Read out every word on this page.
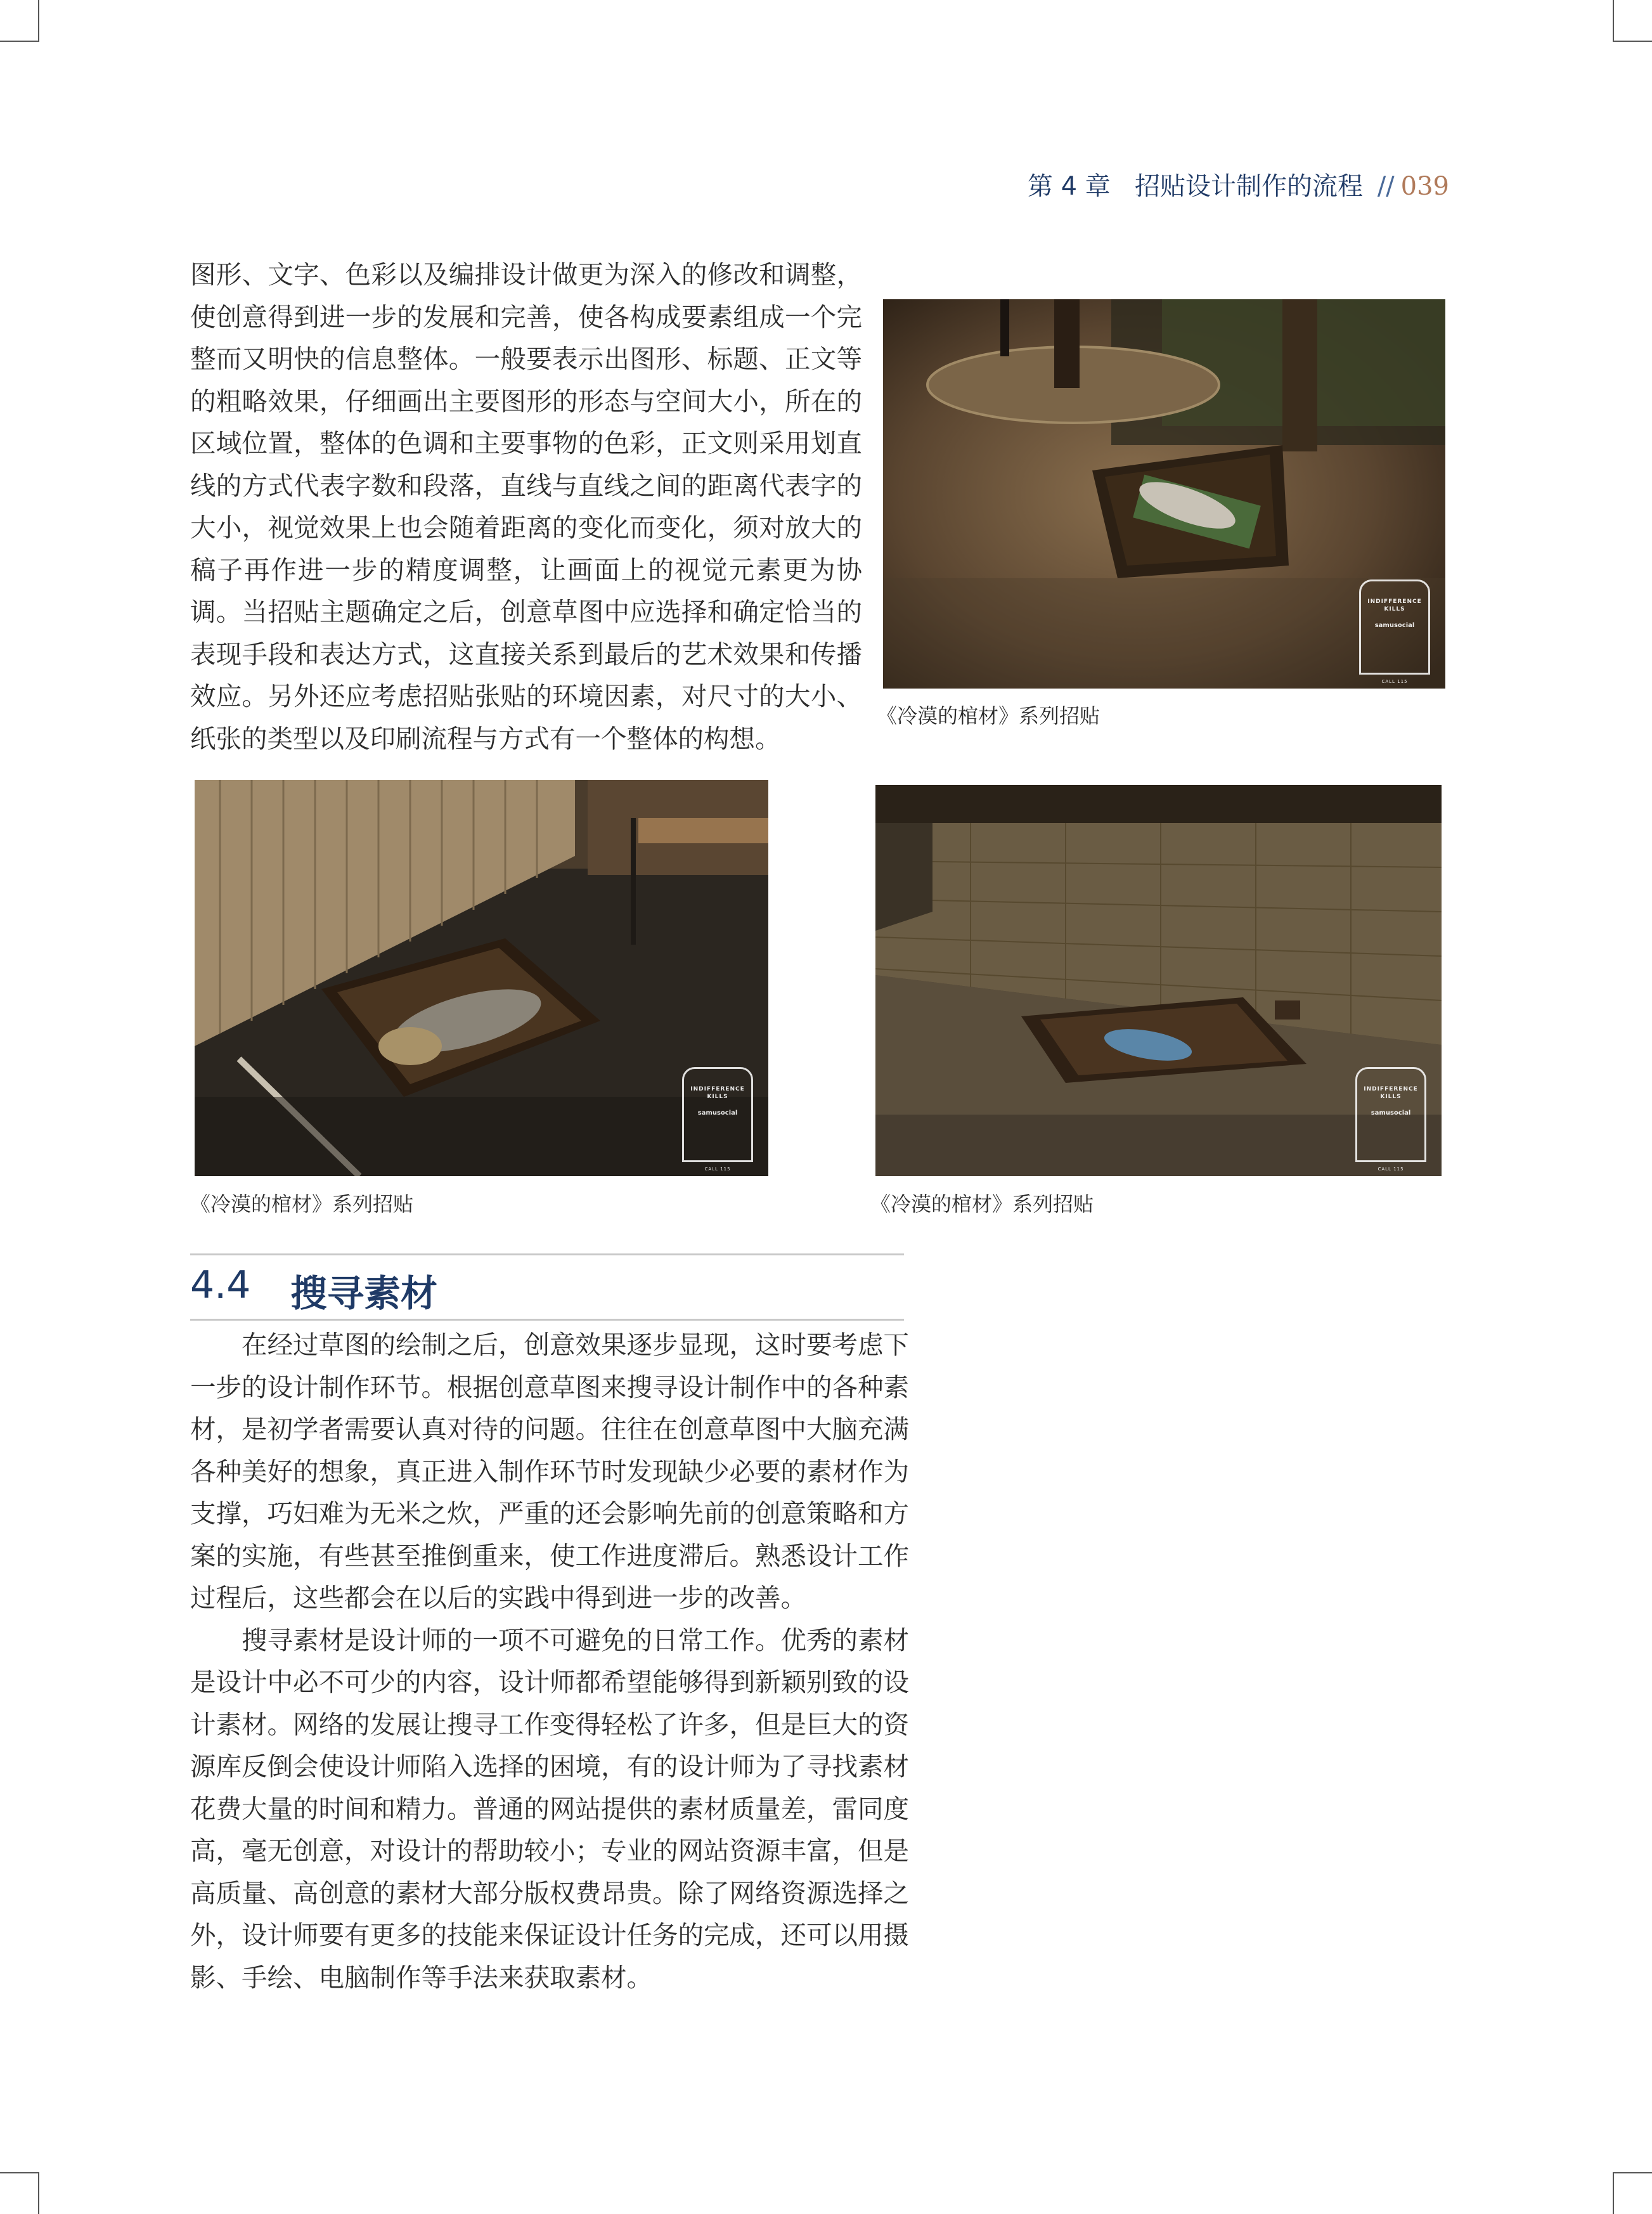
第 4 章 招贴设计制作的流程 // 039

图形、文字、色彩以及编排设计做更为深入的修改和调整，使创意得到进一步的发展和完善，使各构成要素组成一个完整而又明快的信息整体。一般要表示出图形、标题、正文等的粗略效果，仔细画出主要图形的形态与空间大小，所在的区域位置，整体的色调和主要事物的色彩，正文则采用划直线的方式代表字数和段落，直线与直线之间的距离代表字的大小，视觉效果上也会随着距离的变化而变化，须对放大的稿子再作进一步的精度调整，让画面上的视觉元素更为协调。当招贴主题确定之后，创意草图中应选择和确定恰当的表现手段和表达方式，这直接关系到最后的艺术效果和传播效应。另外还应考虑招贴张贴的环境因素，对尺寸的大小、纸张的类型以及印刷流程与方式有一个整体的构想。

INDIFFERENCE
KILLS
samusocial
CALL 115
《冷漠的棺材》系列招贴
INDIFFERENCE
KILLS
samusocial
CALL 115
《冷漠的棺材》系列招贴
INDIFFERENCE
KILLS
samusocial
CALL 115
《冷漠的棺材》系列招贴
4.4 搜寻素材

在经过草图的绘制之后，创意效果逐步显现，这时要考虑下一步的设计制作环节。根据创意草图来搜寻设计制作中的各种素材，是初学者需要认真对待的问题。往往在创意草图中大脑充满各种美好的想象，真正进入制作环节时发现缺少必要的素材作为支撑，巧妇难为无米之炊，严重的还会影响先前的创意策略和方案的实施，有些甚至推倒重来，使工作进度滞后。熟悉设计工作过程后，这些都会在以后的实践中得到进一步的改善。

搜寻素材是设计师的一项不可避免的日常工作。优秀的素材是设计中必不可少的内容，设计师都希望能够得到新颖别致的设计素材。网络的发展让搜寻工作变得轻松了许多，但是巨大的资源库反倒会使设计师陷入选择的困境，有的设计师为了寻找素材花费大量的时间和精力。普通的网站提供的素材质量差，雷同度高，毫无创意，对设计的帮助较小；专业的网站资源丰富，但是高质量、高创意的素材大部分版权费昂贵。除了网络资源选择之外，设计师要有更多的技能来保证设计任务的完成，还可以用摄影、手绘、电脑制作等手法来获取素材。
